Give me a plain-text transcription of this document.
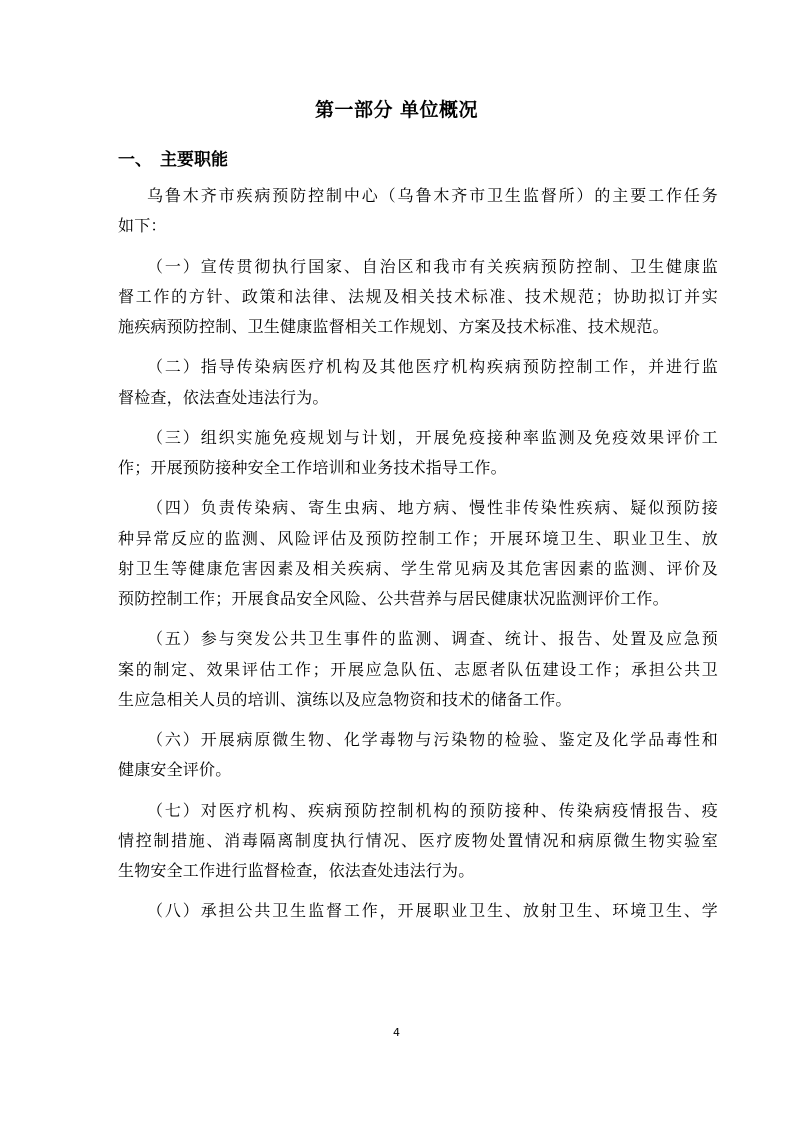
第一部分 单位概况
一、 主要职能
乌鲁木齐市疾病预防控制中心（乌鲁木齐市卫生监督所）的主要工作任务
如下：
（一）宣传贯彻执行国家、自治区和我市有关疾病预防控制、卫生健康监
督工作的方针、政策和法律、法规及相关技术标准、技术规范；协助拟订并实
施疾病预防控制、卫生健康监督相关工作规划、方案及技术标准、技术规范。
（二）指导传染病医疗机构及其他医疗机构疾病预防控制工作，并进行监
督检查，依法查处违法行为。
（三）组织实施免疫规划与计划，开展免疫接种率监测及免疫效果评价工
作；开展预防接种安全工作培训和业务技术指导工作。
（四）负责传染病、寄生虫病、地方病、慢性非传染性疾病、疑似预防接
种异常反应的监测、风险评估及预防控制工作；开展环境卫生、职业卫生、放
射卫生等健康危害因素及相关疾病、学生常见病及其危害因素的监测、评价及
预防控制工作；开展食品安全风险、公共营养与居民健康状况监测评价工作。
（五）参与突发公共卫生事件的监测、调查、统计、报告、处置及应急预
案的制定、效果评估工作；开展应急队伍、志愿者队伍建设工作；承担公共卫
生应急相关人员的培训、演练以及应急物资和技术的储备工作。
（六）开展病原微生物、化学毒物与污染物的检验、鉴定及化学品毒性和
健康安全评价。
（七）对医疗机构、疾病预防控制机构的预防接种、传染病疫情报告、疫
情控制措施、消毒隔离制度执行情况、医疗废物处置情况和病原微生物实验室
生物安全工作进行监督检查，依法查处违法行为。
（八）承担公共卫生监督工作，开展职业卫生、放射卫生、环境卫生、学
4
